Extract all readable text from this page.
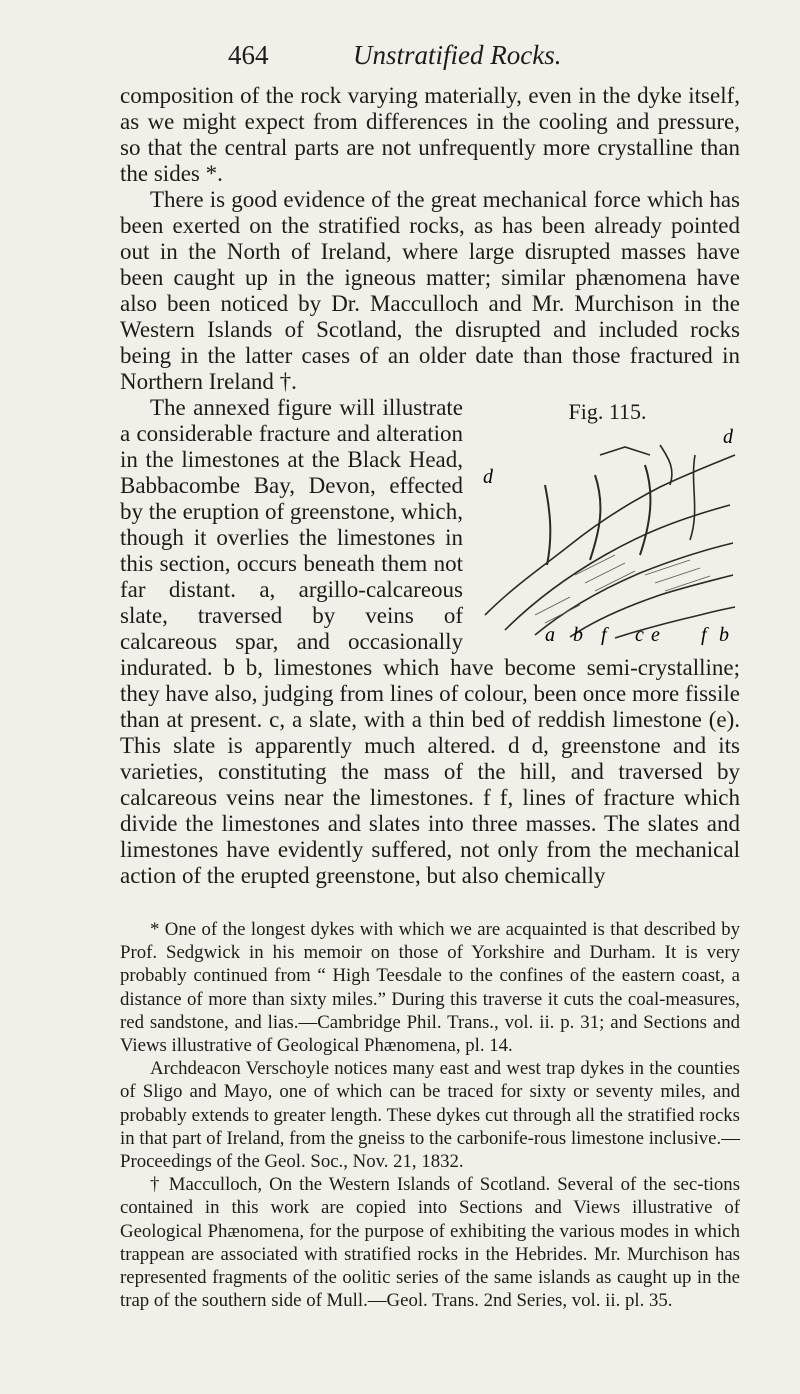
464	Unstratified Rocks.

composition of the rock varying materially, even in the dyke itself, as we might expect from differences in the cooling and pressure, so that the central parts are not unfrequently more crystalline than the sides *.

There is good evidence of the great mechanical force which has been exerted on the stratified rocks, as has been already pointed out in the North of Ireland, where large disrupted masses have been caught up in the igneous matter; similar phænomena have also been noticed by Dr. Macculloch and Mr. Murchison in the Western Islands of Scotland, the disrupted and included rocks being in the latter cases of an older date than those fractured in Northern Ireland †.

Fig. 115.
d
d
a b f c e f b

The annexed figure will illustrate a considerable fracture and alteration in the limestones at the Black Head, Babbacombe Bay, Devon, effected by the eruption of greenstone, which, though it overlies the limestones in this section, occurs beneath them not far distant. a, argillo-calcareous slate, traversed by veins of calcareous spar, and occasionally indurated. b b, limestones which have become semi-crystalline; they have also, judging from lines of colour, been once more fissile than at present. c, a slate, with a thin bed of reddish limestone (e). This slate is apparently much altered. d d, greenstone and its varieties, constituting the mass of the hill, and traversed by calcareous veins near the limestones. f f, lines of fracture which divide the limestones and slates into three masses. The slates and limestones have evidently suffered, not only from the mechanical action of the erupted greenstone, but also chemically

* One of the longest dykes with which we are acquainted is that described by Prof. Sedgwick in his memoir on those of Yorkshire and Durham. It is very probably continued from “ High Teesdale to the confines of the eastern coast, a distance of more than sixty miles.” During this traverse it cuts the coal-measures, red sandstone, and lias.—Cambridge Phil. Trans., vol. ii. p. 31; and Sections and Views illustrative of Geological Phænomena, pl. 14.

Archdeacon Verschoyle notices many east and west trap dykes in the counties of Sligo and Mayo, one of which can be traced for sixty or seventy miles, and probably extends to greater length. These dykes cut through all the stratified rocks in that part of Ireland, from the gneiss to the carbonife-rous limestone inclusive.—Proceedings of the Geol. Soc., Nov. 21, 1832.

† Macculloch, On the Western Islands of Scotland. Several of the sec-tions contained in this work are copied into Sections and Views illustrative of Geological Phænomena, for the purpose of exhibiting the various modes in which trappean are associated with stratified rocks in the Hebrides. Mr. Murchison has represented fragments of the oolitic series of the same islands as caught up in the trap of the southern side of Mull.—Geol. Trans. 2nd Series, vol. ii. pl. 35.
